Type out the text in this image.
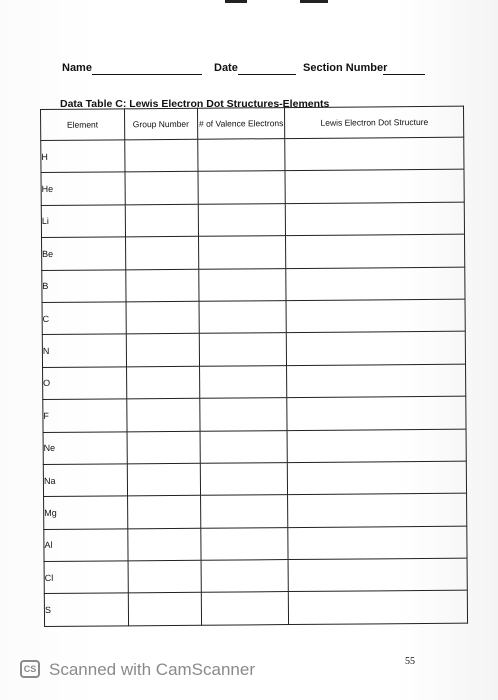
Name	Date	Section Number
Data Table C: Lewis Electron Dot Structures-Elements
Element	Group Number	# of Valence Electrons	Lewis Electron Dot Structure
H			
He			
Li			
Be			
B			
C			
N			
O			
F			
Ne			
Na			
Mg			
Al			
Cl			
S			
55
CS Scanned with CamScanner
